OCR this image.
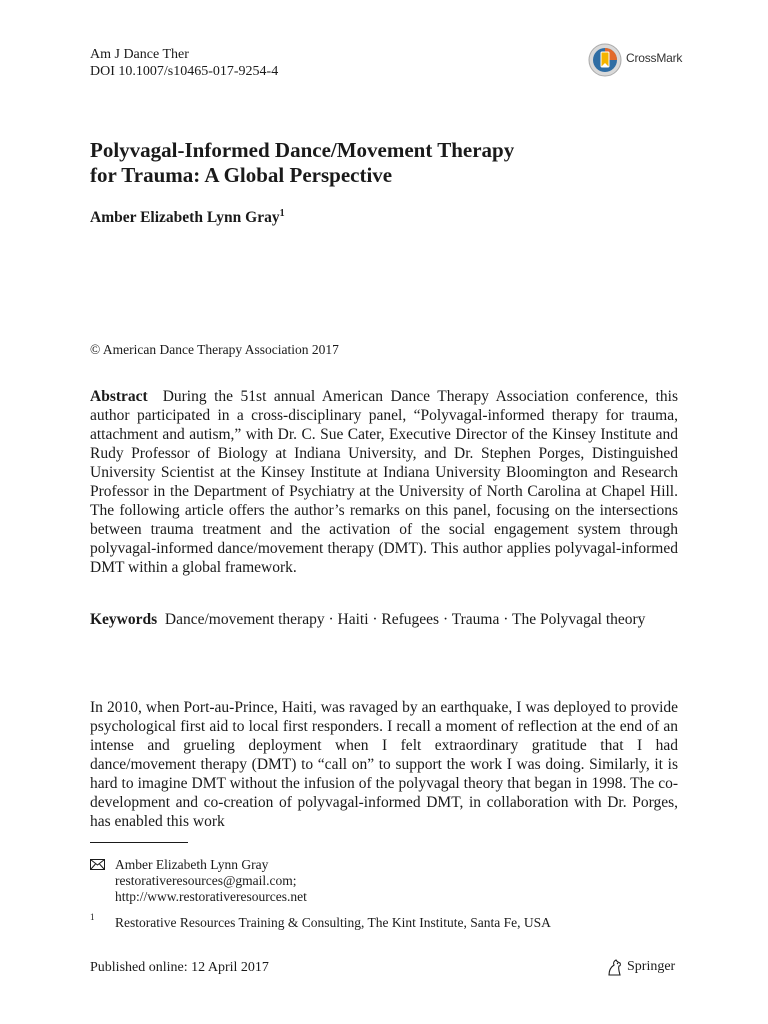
Am J Dance Ther
DOI 10.1007/s10465-017-9254-4
CrossMark
Polyvagal-Informed Dance/Movement Therapy
for Trauma: A Global Perspective
Amber Elizabeth Lynn Gray$^1$
© American Dance Therapy Association 2017
Abstract During the 51st annual American Dance Therapy Association conference, this author participated in a cross-disciplinary panel, “Polyvagal-informed therapy for trauma, attachment and autism,” with Dr. C. Sue Cater, Executive Director of the Kinsey Institute and Rudy Professor of Biology at Indiana University, and Dr. Stephen Porges, Distinguished University Scientist at the Kinsey Institute at Indiana University Bloomington and Research Professor in the Department of Psychiatry at the University of North Carolina at Chapel Hill. The following article offers the author’s remarks on this panel, focusing on the intersections between trauma treatment and the activation of the social engagement system through polyvagal-informed dance/movement therapy (DMT). This author applies polyvagal-informed DMT within a global framework.
Keywords Dance/movement therapy · Haiti · Refugees · Trauma · The Polyvagal theory
In 2010, when Port-au-Prince, Haiti, was ravaged by an earthquake, I was deployed to provide psychological first aid to local first responders. I recall a moment of reflection at the end of an intense and grueling deployment when I felt extraordinary gratitude that I had dance/movement therapy (DMT) to “call on” to support the work I was doing. Similarly, it is hard to imagine DMT without the infusion of the polyvagal theory that began in 1998. The co-development and co-creation of polyvagal-informed DMT, in collaboration with Dr. Porges, has enabled this work
Amber Elizabeth Lynn Gray
restorativeresources@gmail.com;
http://www.restorativeresources.net
1 Restorative Resources Training & Consulting, The Kint Institute, Santa Fe, USA
Published online: 12 April 2017	Springer
